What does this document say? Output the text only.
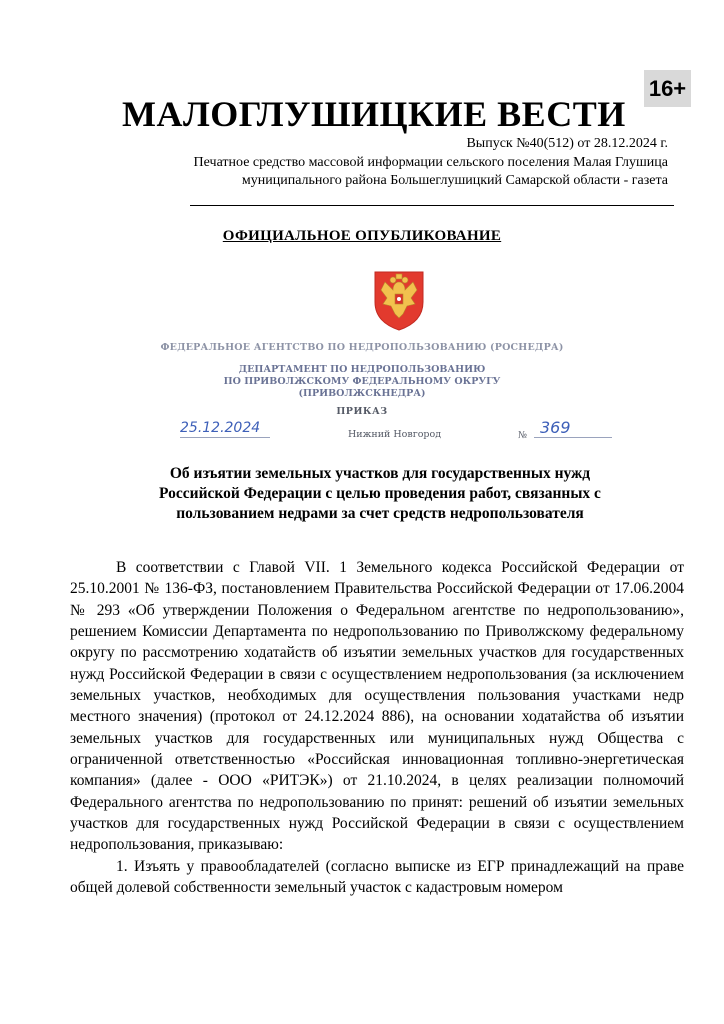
16+
МАЛОГЛУШИЦКИЕ ВЕСТИ
Выпуск №40(512) от 28.12.2024 г.
Печатное средство массовой информации сельского поселения Малая Глушица
муниципального района Большеглушицкий Самарской области - газета
ОФИЦИАЛЬНОЕ ОПУБЛИКОВАНИЕ
ФЕДЕРАЛЬНОЕ АГЕНТСТВО ПО НЕДРОПОЛЬЗОВАНИЮ (РОСНЕДРА)
ДЕПАРТАМЕНТ ПО НЕДРОПОЛЬЗОВАНИЮ
ПО ПРИВОЛЖСКОМУ ФЕДЕРАЛЬНОМУ ОКРУГУ
(ПРИВОЛЖСКНЕДРА)
ПРИКАЗ
25.12.2024	Нижний Новгород	№ 369
Об изъятии земельных участков для государственных нужд
Российской Федерации с целью проведения работ, связанных с
пользованием недрами за счет средств недропользователя

В соответствии с Главой VII. 1 Земельного кодекса Российской Федерации от 25.10.2001 № 136-ФЗ, постановлением Правительства Российской Федерации от 17.06.2004 № 293 «Об утверждении Положения о Федеральном агентстве по недропользованию», решением Комиссии Департамента по недропользованию по Приволжскому федеральному округу по рассмотрению ходатайств об изъятии земельных участков для государственных нужд Российской Федерации в связи с осуществлением недропользования (за исключением земельных участков, необходимых для осуществления пользования участками недр местного значения) (протокол от 24.12.2024 886), на основании ходатайства об изъятии земельных участков для государственных или муниципальных нужд Общества с ограниченной ответственностью «Российская инновационная топливно-энергетическая компания» (далее - ООО «РИТЭК») от 21.10.2024, в целях реализации полномочий Федерального агентства по недропользованию по принят: решений об изъятии земельных участков для государственных нужд Российской Федерации в связи с осуществлением недропользования, приказываю:

1. Изъять у правообладателей (согласно выписке из ЕГР принадлежащий на праве общей долевой собственности земельный участок с кадастровым номером
